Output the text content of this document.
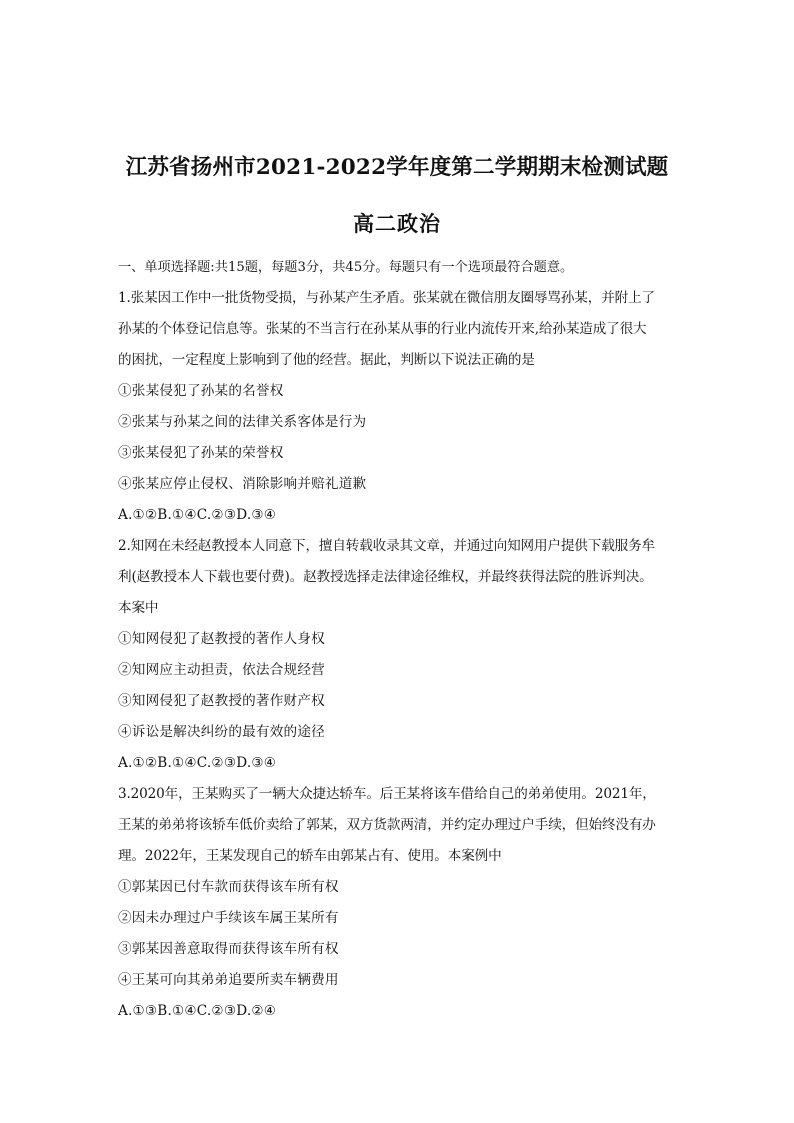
江苏省扬州市2021-2022学年度第二学期期末检测试题
高二政治
一、单项选择题:共15题，每题3分，共45分。每题只有一个选项最符合题意。
1.张某因工作中一批货物受损，与孙某产生矛盾。张某就在微信朋友圈辱骂孙某，并附上了
孙某的个体登记信息等。张某的不当言行在孙某从事的行业内流传开来,给孙某造成了很大
的困扰，一定程度上影响到了他的经营。据此，判断以下说法正确的是
①张某侵犯了孙某的名誉权
②张某与孙某之间的法律关系客体是行为
③张某侵犯了孙某的荣誉权
④张某应停止侵权、消除影响并赔礼道歉
A.①②B.①④C.②③D.③④
2.知网在未经赵教授本人同意下，擅自转载收录其文章，并通过向知网用户提供下载服务牟
利(赵教授本人下载也要付费)。赵教授选择走法律途径维权，并最终获得法院的胜诉判决。
本案中
①知网侵犯了赵教授的著作人身权
②知网应主动担责，依法合规经营
③知网侵犯了赵教授的著作财产权
④诉讼是解决纠纷的最有效的途径
A.①②B.①④C.②③D.③④
3.2020年，王某购买了一辆大众捷达轿车。后王某将该车借给自己的弟弟使用。2021年，
王某的弟弟将该轿车低价卖给了郭某，双方货款两清，并约定办理过户手续，但始终没有办
理。2022年，王某发现自己的轿车由郭某占有、使用。本案例中
①郭某因已付车款而获得该车所有权
②因未办理过户手续该车属王某所有
③郭某因善意取得而获得该车所有权
④王某可向其弟弟追要所卖车辆费用
A.①③B.①④C.②③D.②④
